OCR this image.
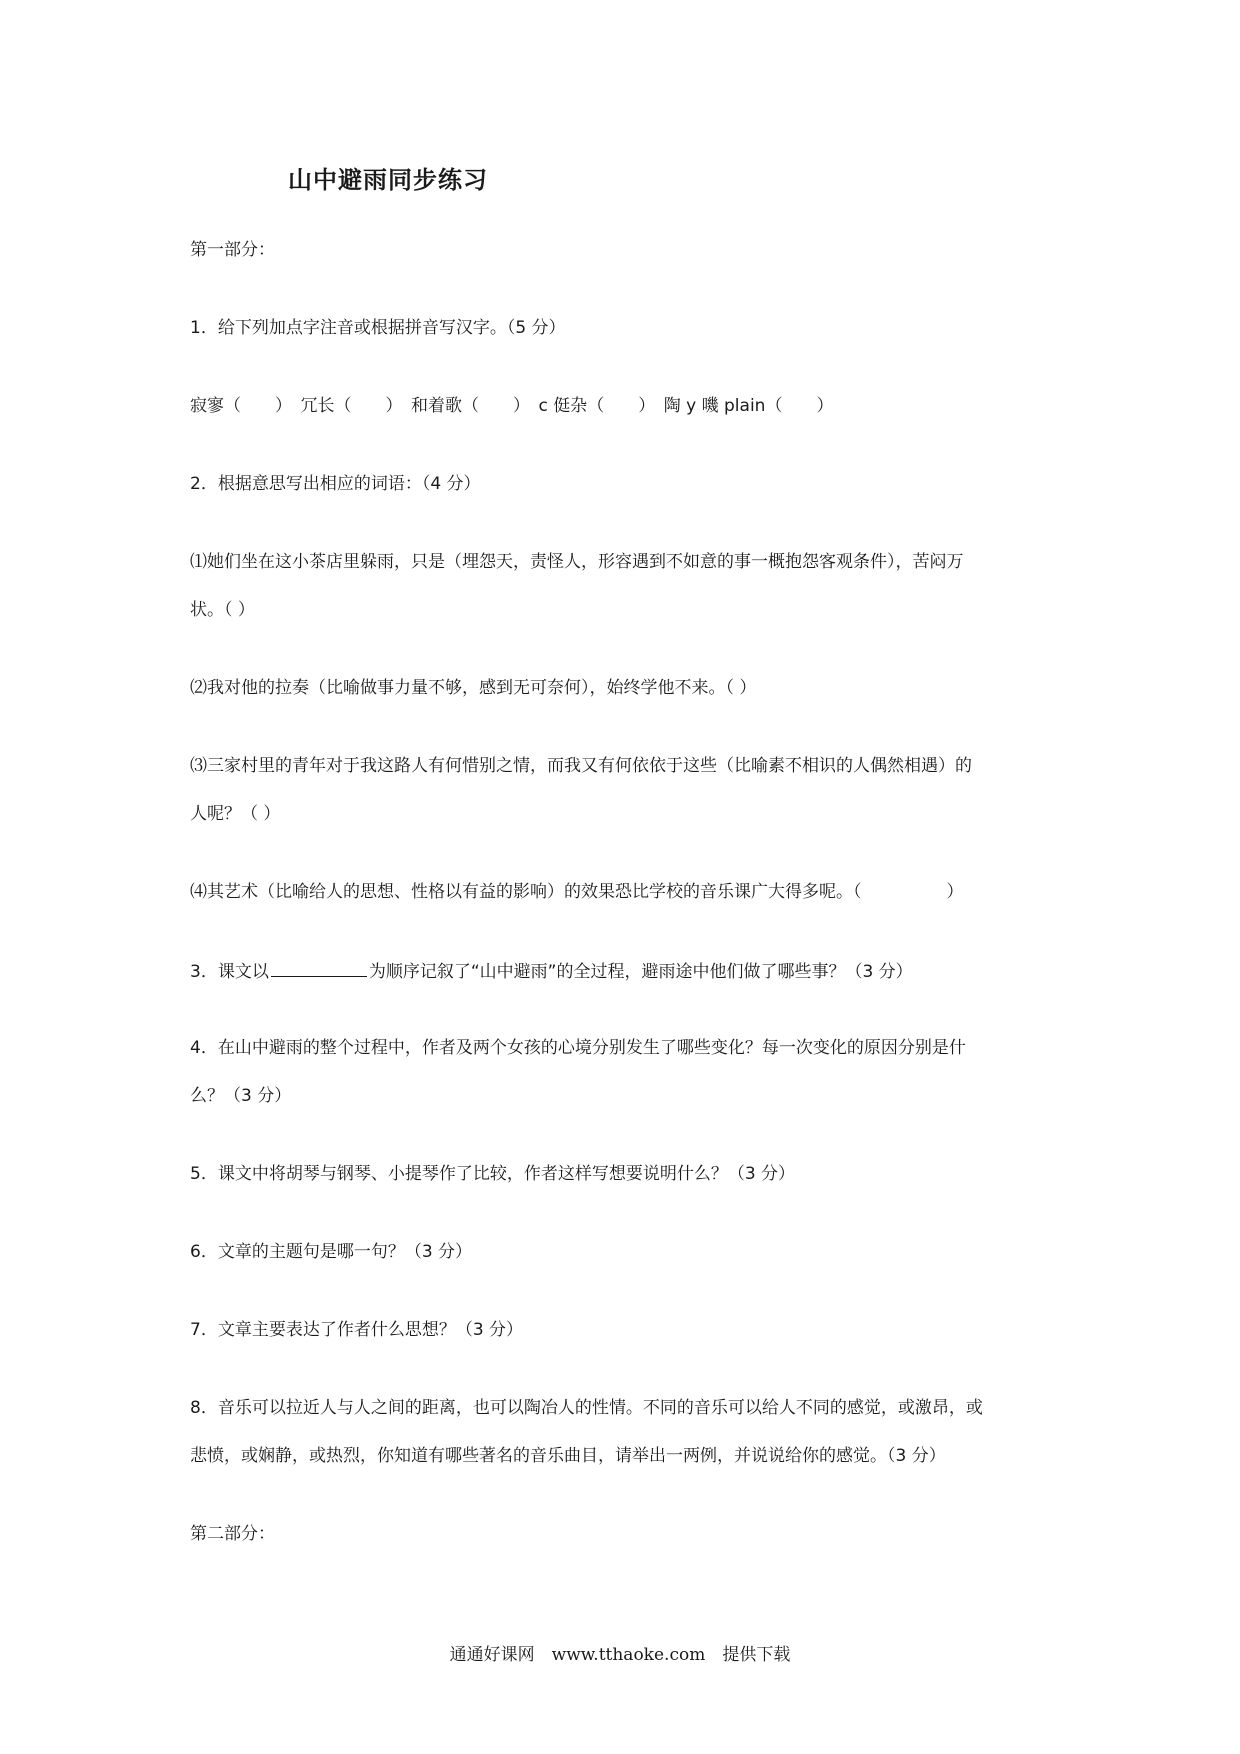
山中避雨同步练习
第一部分：
1．给下列加点字注音或根据拼音写汉字。（5 分）
寂寥（　　）　冗长（　　）　和着歌（　　）　c 侹杂（　　）　陶 y 嘰 plain（　　）
2．根据意思写出相应的词语：（4 分）
⑴她们坐在这小茶店里躲雨，只是（埋怨天，责怪人，形容遇到不如意的事一概抱怨客观条件），苦闷万
状。（ ）
⑵我对他的拉奏（比喻做事力量不够，感到无可奈何），始终学他不来。（ ）
⑶三家村里的青年对于我这路人有何惜别之情，而我又有何依依于这些（比喻素不相识的人偶然相遇）的
人呢？（ ）
⑷其艺术（比喻给人的思想、性格以有益的影响）的效果恐比学校的音乐课广大得多呢。（　　　　　）
3．课文以	为顺序记叙了“山中避雨”的全过程，避雨途中他们做了哪些事？（3 分）
4．在山中避雨的整个过程中，作者及两个女孩的心境分别发生了哪些变化？每一次变化的原因分别是什
么？（3 分）
5．课文中将胡琴与钢琴、小提琴作了比较，作者这样写想要说明什么？（3 分）
6．文章的主题句是哪一句？（3 分）
7．文章主要表达了作者什么思想？（3 分）
8．音乐可以拉近人与人之间的距离，也可以陶冶人的性情。不同的音乐可以给人不同的感觉，或激昂，或
悲愤，或娴静，或热烈，你知道有哪些著名的音乐曲目，请举出一两例，并说说给你的感觉。（3 分）
第二部分：
通通好课网　www.tthaoke.com　提供下载
